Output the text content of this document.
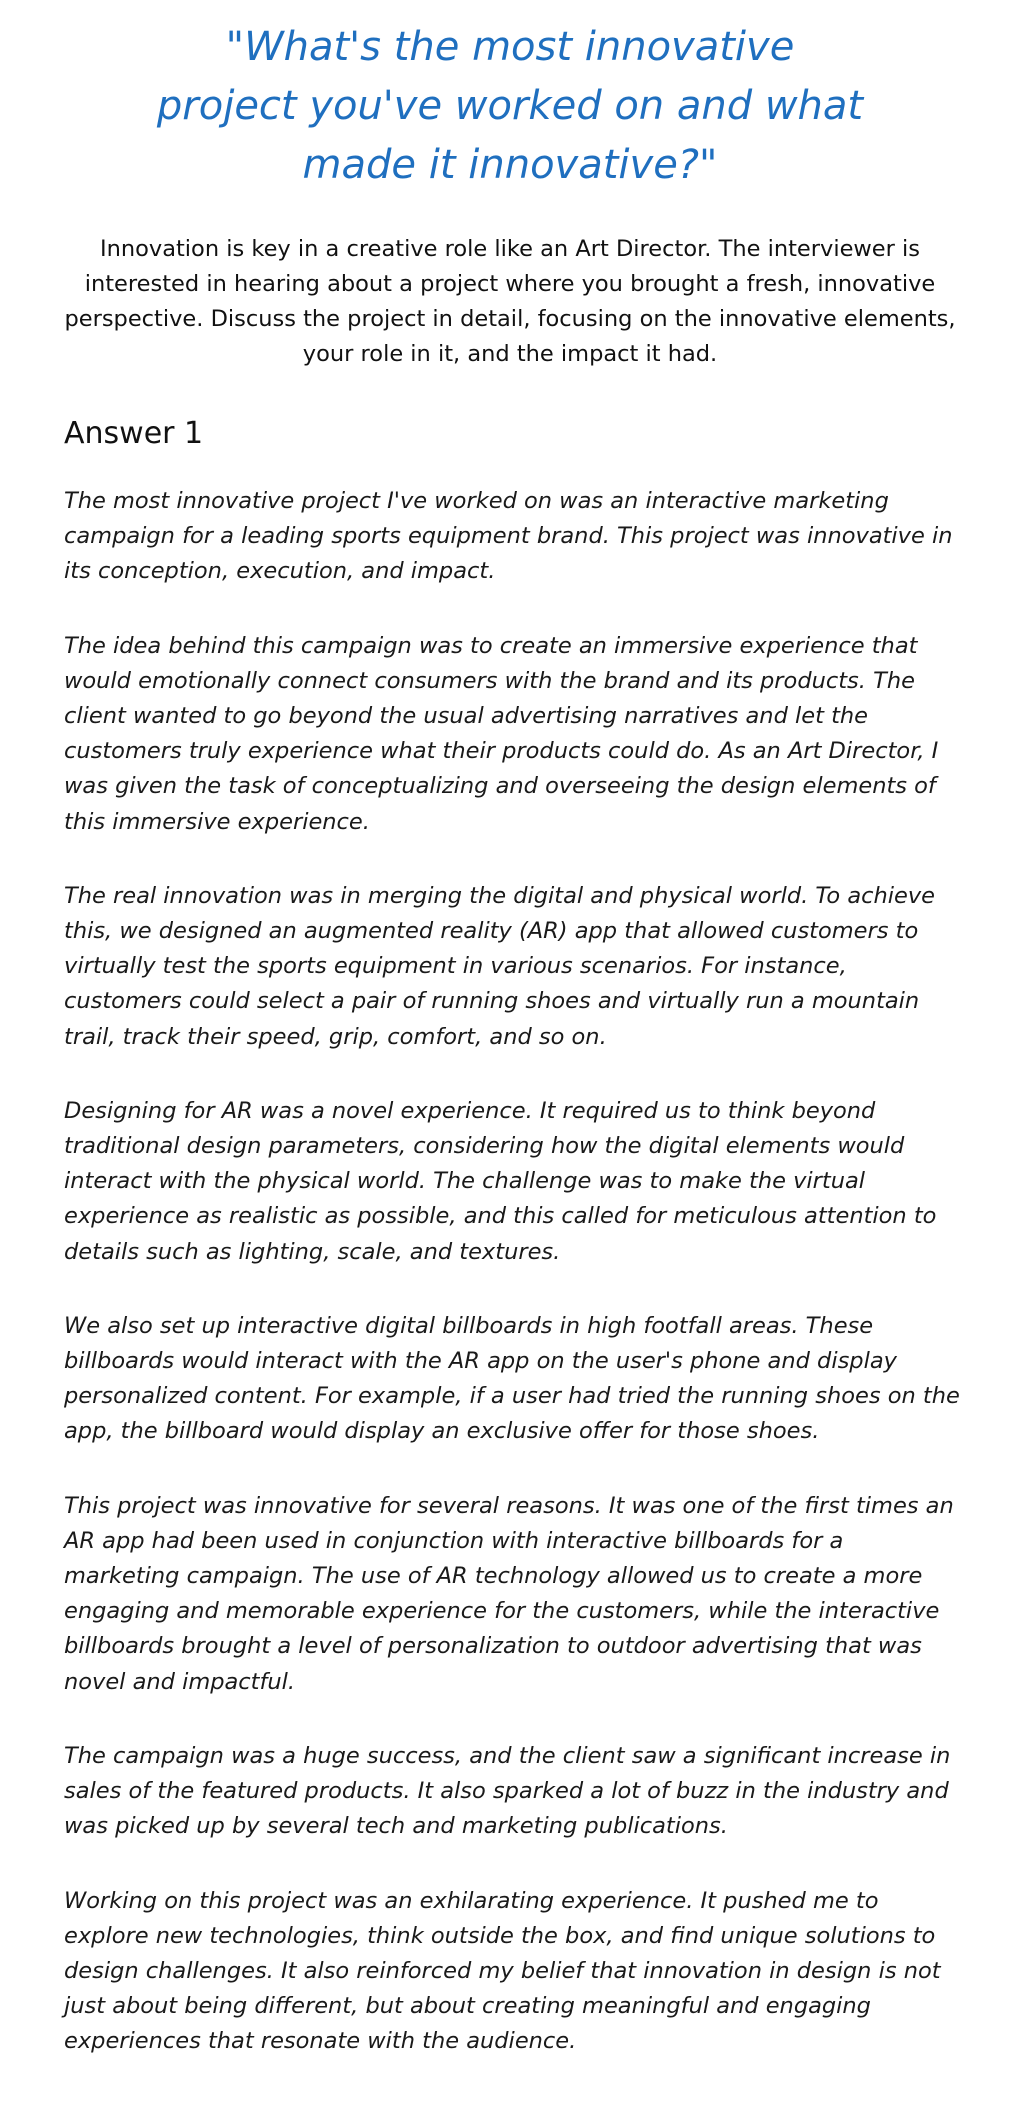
"What's the most innovative project you've worked on and what made it innovative?"

Innovation is key in a creative role like an Art Director. The interviewer is interested in hearing about a project where you brought a fresh, innovative perspective. Discuss the project in detail, focusing on the innovative elements, your role in it, and the impact it had.

Answer 1

The most innovative project I've worked on was an interactive marketing campaign for a leading sports equipment brand. This project was innovative in its conception, execution, and impact.

The idea behind this campaign was to create an immersive experience that would emotionally connect consumers with the brand and its products. The client wanted to go beyond the usual advertising narratives and let the customers truly experience what their products could do. As an Art Director, I was given the task of conceptualizing and overseeing the design elements of this immersive experience.

The real innovation was in merging the digital and physical world. To achieve this, we designed an augmented reality (AR) app that allowed customers to virtually test the sports equipment in various scenarios. For instance, customers could select a pair of running shoes and virtually run a mountain trail, track their speed, grip, comfort, and so on.

Designing for AR was a novel experience. It required us to think beyond traditional design parameters, considering how the digital elements would interact with the physical world. The challenge was to make the virtual experience as realistic as possible, and this called for meticulous attention to details such as lighting, scale, and textures.

We also set up interactive digital billboards in high footfall areas. These billboards would interact with the AR app on the user's phone and display personalized content. For example, if a user had tried the running shoes on the app, the billboard would display an exclusive offer for those shoes.

This project was innovative for several reasons. It was one of the first times an AR app had been used in conjunction with interactive billboards for a marketing campaign. The use of AR technology allowed us to create a more engaging and memorable experience for the customers, while the interactive billboards brought a level of personalization to outdoor advertising that was novel and impactful.

The campaign was a huge success, and the client saw a significant increase in sales of the featured products. It also sparked a lot of buzz in the industry and was picked up by several tech and marketing publications.

Working on this project was an exhilarating experience. It pushed me to explore new technologies, think outside the box, and find unique solutions to design challenges. It also reinforced my belief that innovation in design is not just about being different, but about creating meaningful and engaging experiences that resonate with the audience.
